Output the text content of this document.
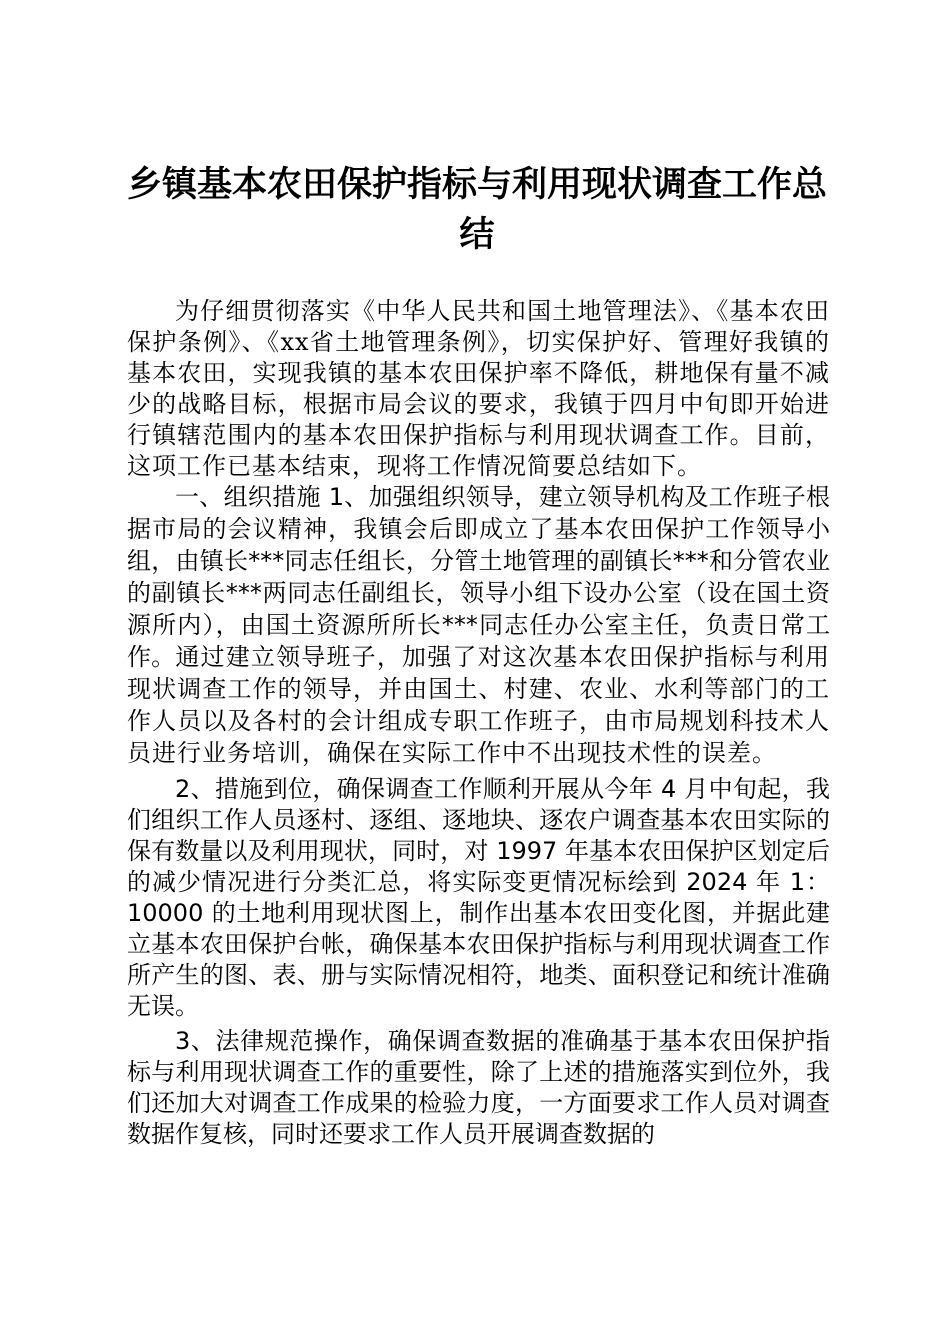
乡镇基本农田保护指标与利用现状调查工作总结

为仔细贯彻落实《中华人民共和国土地管理法》、《基本农田保护条例》、《xx省土地管理条例》，切实保护好、管理好我镇的基本农田，实现我镇的基本农田保护率不降低，耕地保有量不减少的战略目标，根据市局会议的要求，我镇于四月中旬即开始进行镇辖范围内的基本农田保护指标与利用现状调查工作。目前，这项工作已基本结束，现将工作情况简要总结如下。

一、组织措施 1、加强组织领导，建立领导机构及工作班子根据市局的会议精神，我镇会后即成立了基本农田保护工作领导小组，由镇长***同志任组长，分管土地管理的副镇长***和分管农业的副镇长***两同志任副组长，领导小组下设办公室（设在国土资源所内），由国土资源所所长***同志任办公室主任，负责日常工作。通过建立领导班子，加强了对这次基本农田保护指标与利用现状调查工作的领导，并由国土、村建、农业、水利等部门的工作人员以及各村的会计组成专职工作班子，由市局规划科技术人员进行业务培训，确保在实际工作中不出现技术性的误差。

2、措施到位，确保调查工作顺利开展从今年 4 月中旬起，我们组织工作人员逐村、逐组、逐地块、逐农户调查基本农田实际的保有数量以及利用现状，同时，对 1997 年基本农田保护区划定后的减少情况进行分类汇总，将实际变更情况标绘到 2024 年 1：10000 的土地利用现状图上，制作出基本农田变化图，并据此建立基本农田保护台帐，确保基本农田保护指标与利用现状调查工作所产生的图、表、册与实际情况相符，地类、面积登记和统计准确无误。

3、法律规范操作，确保调查数据的准确基于基本农田保护指标与利用现状调查工作的重要性，除了上述的措施落实到位外，我们还加大对调查工作成果的检验力度，一方面要求工作人员对调查数据作复核，同时还要求工作人员开展调查数据的
